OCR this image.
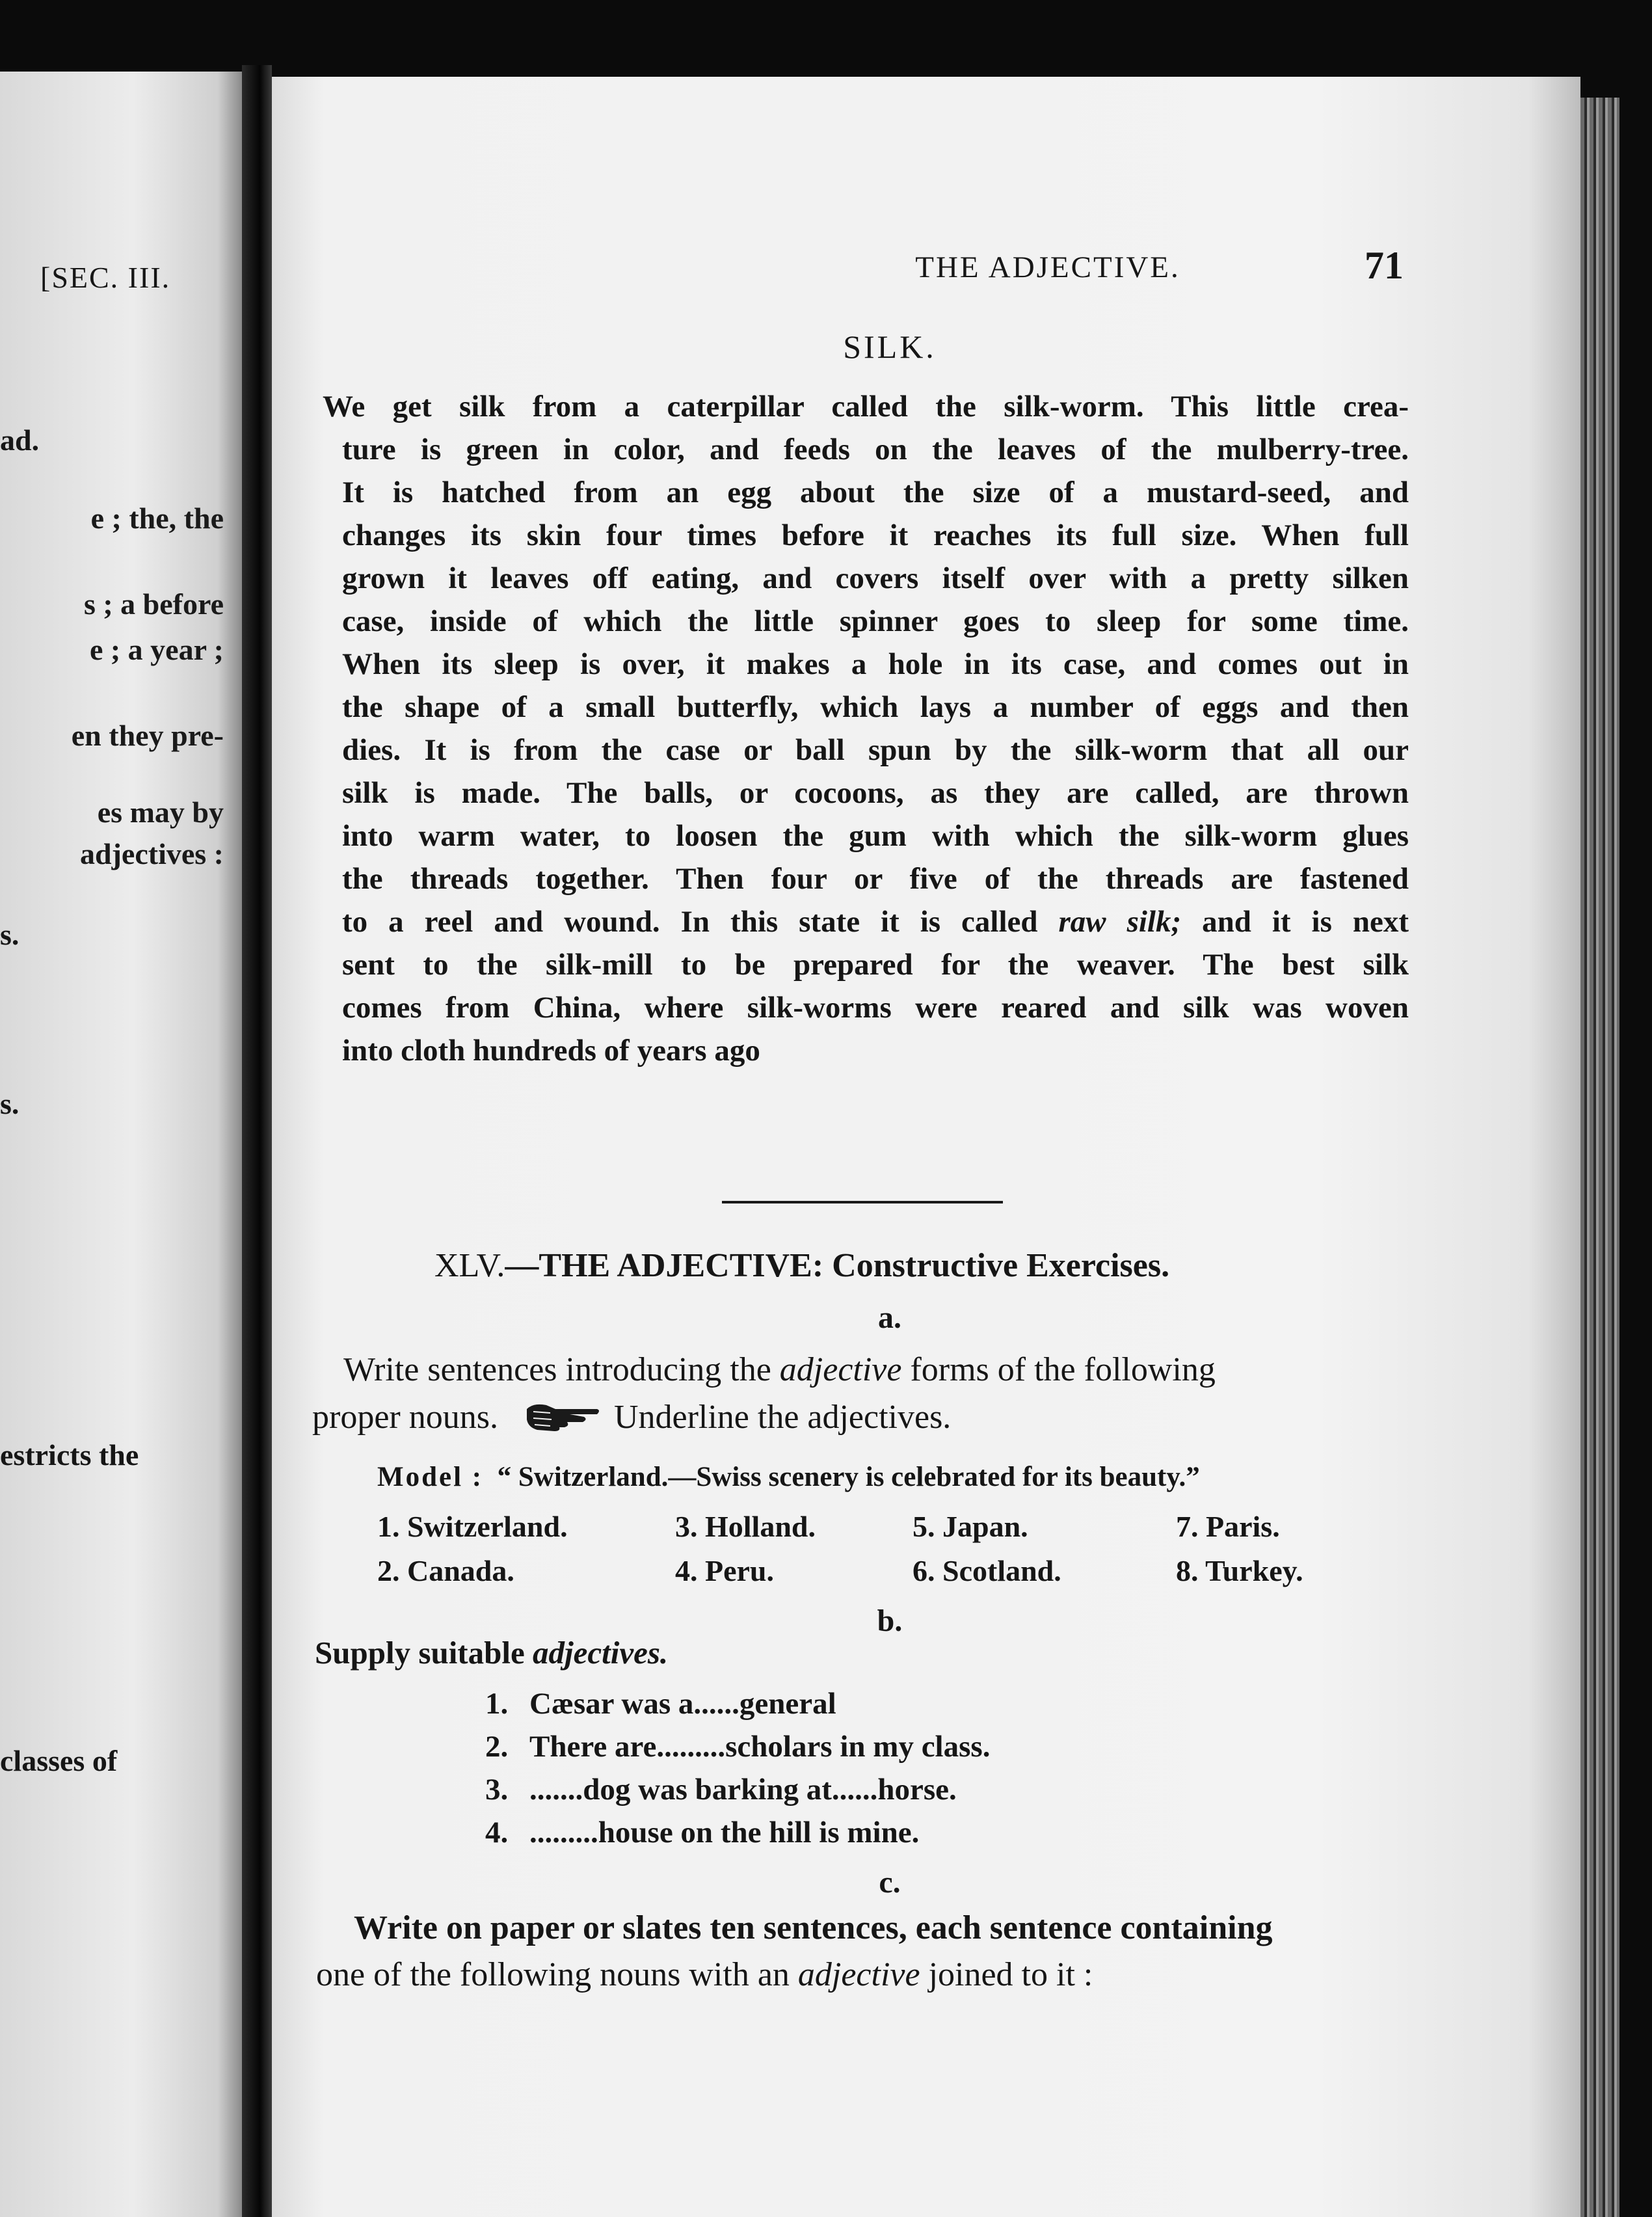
[SEC. III.
ad.
e ; the, the
s ; a before
e ; a year ;
en they pre-
es may by
adjectives :
s.
s.
estricts the
classes of
THE ADJECTIVE.	71
SILK.
We get silk from a caterpillar called the silk-worm. This little crea-
ture is green in color, and feeds on the leaves of the mulberry-tree.
It is hatched from an egg about the size of a mustard-seed, and
changes its skin four times before it reaches its full size. When full
grown it leaves off eating, and covers itself over with a pretty silken
case, inside of which the little spinner goes to sleep for some time.
When its sleep is over, it makes a hole in its case, and comes out in
the shape of a small butterfly, which lays a number of eggs and then
dies. It is from the case or ball spun by the silk-worm that all our
silk is made. The balls, or cocoons, as they are called, are thrown
into warm water, to loosen the gum with which the silk-worm glues
the threads together. Then four or five of the threads are fastened
to a reel and wound. In this state it is called raw silk; and it is next
sent to the silk-mill to be prepared for the weaver. The best silk
comes from China, where silk-worms were reared and silk was woven
into cloth hundreds of years ago
XLV.—THE ADJECTIVE: Constructive Exercises.
a.
Write sentences introducing the adjective forms of the following
proper nouns.	Underline the adjectives.
Model : “ Switzerland.—Swiss scenery is celebrated for its beauty.”
1. Switzerland.
2. Canada.
3. Holland.
4. Peru.
5. Japan.
6. Scotland.
7. Paris.
8. Turkey.
b.
Supply suitable adjectives.
1. Cæsar was a......general
2. There are.........scholars in my class.
3. .......dog was barking at......horse.
4. .........house on the hill is mine.
c.
Write on paper or slates ten sentences, each sentence containing
one of the following nouns with an adjective joined to it :
